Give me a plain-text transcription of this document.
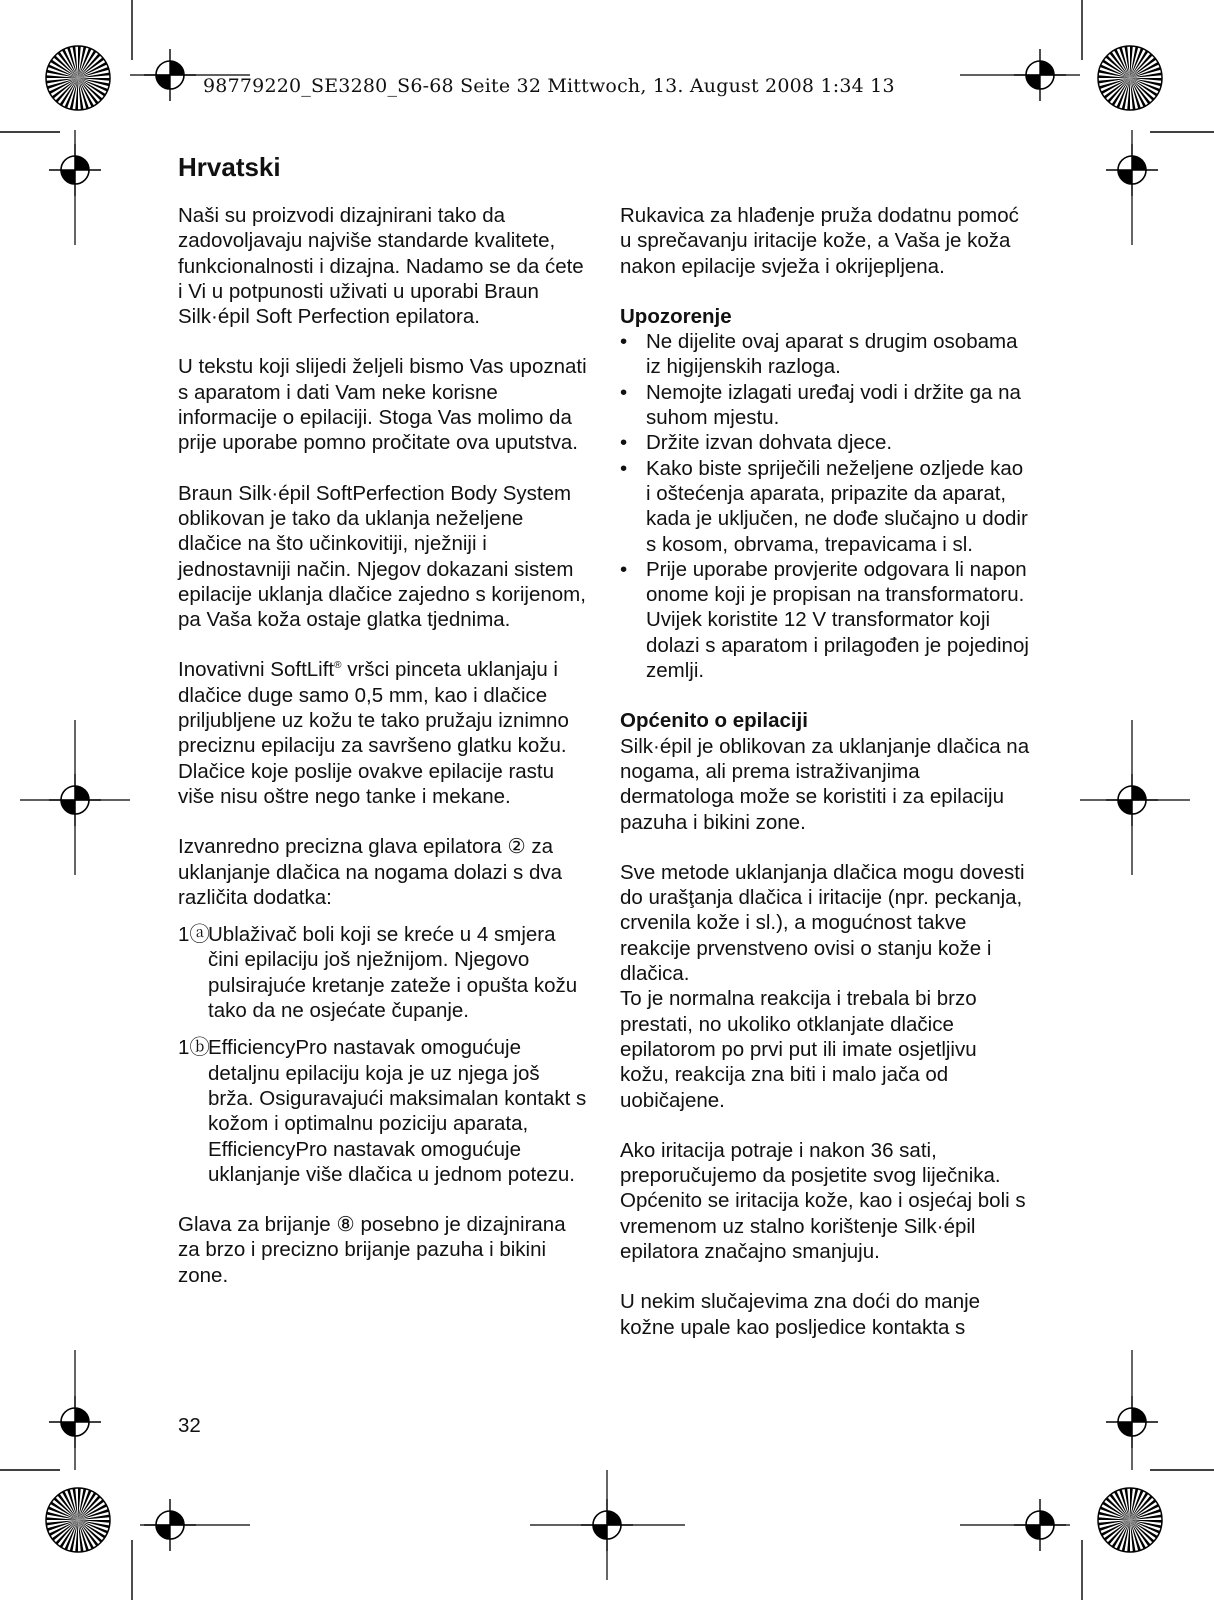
98779220_SE3280_S6-68 Seite 32 Mittwoch, 13. August 2008 1:34 13
Hrvatski

Naši su proizvodi dizajnirani tako da zadovoljavaju najviše standarde kvalitete, funkcionalnosti i dizajna. Nadamo se da ćete i Vi u potpunosti uživati u uporabi Braun Silk·épil Soft Perfection epilatora.

U tekstu koji slijedi željeli bismo Vas upoznati s aparatom i dati Vam neke korisne informacije o epilaciji. Stoga Vas molimo da prije uporabe pomno pročitate ova uputstva.

Braun Silk·épil SoftPerfection Body System oblikovan je tako da uklanja neželjene dlačice na što učinkovitiji, nježniji i jednostavniji način. Njegov dokazani sistem epilacije uklanja dlačice zajedno s korijenom, pa Vaša koža ostaje glatka tjednima.

Inovativni SoftLift® vršci pinceta uklanjaju i dlačice duge samo 0,5 mm, kao i dlačice priljubljene uz kožu te tako pružaju iznimno preciznu epilaciju za savršeno glatku kožu. Dlačice koje poslije ovakve epilacije rastu više nisu oštre nego tanke i mekane.

Izvanredno precizna glava epilatora ② za uklanjanje dlačica na nogama dolazi s dva različita dodatka:

1ⓐ
Ublaživač boli koji se kreće u 4 smjera čini epilaciju još nježnijom. Njegovo pulsirajuće kretanje zateže i opušta kožu tako da ne osjećate čupanje.
1ⓑ
EfficiencyPro nastavak omogućuje detaljnu epilaciju koja je uz njega još brža. Osiguravajući maksimalan kontakt s kožom i optimalnu poziciju aparata, EfficiencyPro nastavak omogućuje uklanjanje više dlačica u jednom potezu.

Glava za brijanje ⑧ posebno je dizajnirana za brzo i precizno brijanje pazuha i bikini zone.

Rukavica za hlađenje pruža dodatnu pomoć u sprečavanju iritacije kože, a Vaša je koža nakon epilacije svježa i okrijepljena.

Upozorenje

• Ne dijelite ovaj aparat s drugim osobama iz higijenskih razloga.
• Nemojte izlagati uređaj vodi i držite ga na suhom mjestu.
• Držite izvan dohvata djece.
• Kako biste spriječili neželjene ozljede kao i oštećenja aparata, pripazite da aparat, kada je uključen, ne dođe slučajno u dodir s kosom, obrvama, trepavicama i sl.
• Prije uporabe provjerite odgovara li napon onome koji je propisan na transformatoru. Uvijek koristite 12 V transformator koji dolazi s aparatom i prilagođen je pojedinoj zemlji.

Općenito o epilaciji

Silk·épil je oblikovan za uklanjanje dlačica na nogama, ali prema istraživanjima dermatologa može se koristiti i za epilaciju pazuha i bikini zone.

Sve metode uklanjanja dlačica mogu dovesti do urašţanja dlačica i iritacije (npr. peckanja, crvenila kože i sl.), a mogućnost takve reakcije prvenstveno ovisi o stanju kože i dlačica.

To je normalna reakcija i trebala bi brzo prestati, no ukoliko otklanjate dlačice epilatorom po prvi put ili imate osjetljivu kožu, reakcija zna biti i malo jača od uobičajene.

Ako iritacija potraje i nakon 36 sati, preporučujemo da posjetite svog liječnika. Općenito se iritacija kože, kao i osjećaj boli s vremenom uz stalno korištenje Silk·épil epilatora značajno smanjuju.

U nekim slučajevima zna doći do manje kožne upale kao posljedice kontakta s

32
